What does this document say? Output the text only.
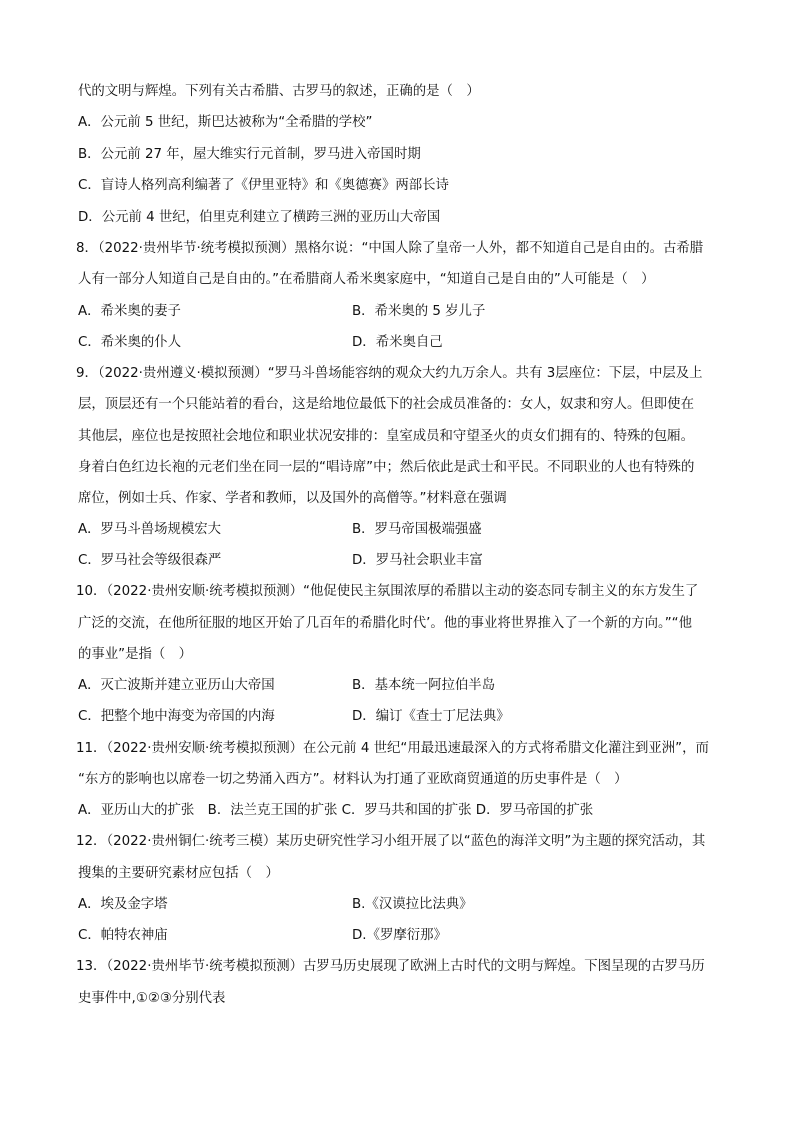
代的文明与辉煌。下列有关古希腊、古罗马的叙述，正确的是（　）
A．公元前 5 世纪，斯巴达被称为“全希腊的学校”
B．公元前 27 年，屋大维实行元首制，罗马进入帝国时期
C．盲诗人格列高利编著了《伊里亚特》和《奥德赛》两部长诗
D．公元前 4 世纪，伯里克利建立了横跨三洲的亚历山大帝国
8．（2022·贵州毕节·统考模拟预测）黑格尔说：“中国人除了皇帝一人外，都不知道自己是自由的。古希腊
人有一部分人知道自己是自由的。”在希腊商人希米奥家庭中，“知道自己是自由的”人可能是（　）
A．希米奥的妻子	B．希米奥的 5 岁儿子
C．希米奥的仆人	D．希米奥自己
9．（2022·贵州遵义·模拟预测）“罗马斗兽场能容纳的观众大约九万余人。共有 3层座位：下层，中层及上
层，顶层还有一个只能站着的看台，这是给地位最低下的社会成员准备的：女人，奴隶和穷人。但即使在
其他层，座位也是按照社会地位和职业状况安排的：皇室成员和守望圣火的贞女们拥有的、特殊的包厢。
身着白色红边长袍的元老们坐在同一层的“唱诗席”中；然后依此是武士和平民。不同职业的人也有特殊的
席位，例如士兵、作家、学者和教师，以及国外的高僧等。”材料意在强调
A．罗马斗兽场规模宏大	B．罗马帝国极端强盛
C．罗马社会等级很森严	D．罗马社会职业丰富
10．（2022·贵州安顺·统考模拟预测）“他促使民主氛围浓厚的希腊以主动的姿态同专制主义的东方发生了
广泛的交流，在他所征服的地区开始了几百年的希腊化时代’。他的事业将世界推入了一个新的方向。”“他
的事业”是指（　）
A．灭亡波斯并建立亚历山大帝国	B．基本统一阿拉伯半岛
C．把整个地中海变为帝国的内海	D．编订《查士丁尼法典》
11．（2022·贵州安顺·统考模拟预测）在公元前 4 世纪“用最迅速最深入的方式将希腊文化灌注到亚洲”，而
“东方的影响也以席卷一切之势涌入西方”。材料认为打通了亚欧商贸通道的历史事件是（　）
A．亚历山大的扩张　B．法兰克王国的扩张 C．罗马共和国的扩张 D．罗马帝国的扩张
12．（2022·贵州铜仁·统考三模）某历史研究性学习小组开展了以“蓝色的海洋文明”为主题的探究活动，其
搜集的主要研究素材应包括（　）
A．埃及金字塔	B.《汉谟拉比法典》
C．帕特农神庙	D.《罗摩衍那》
13．（2022·贵州毕节·统考模拟预测）古罗马历史展现了欧洲上古时代的文明与辉煌。下图呈现的古罗马历
史事件中,①②③分别代表
